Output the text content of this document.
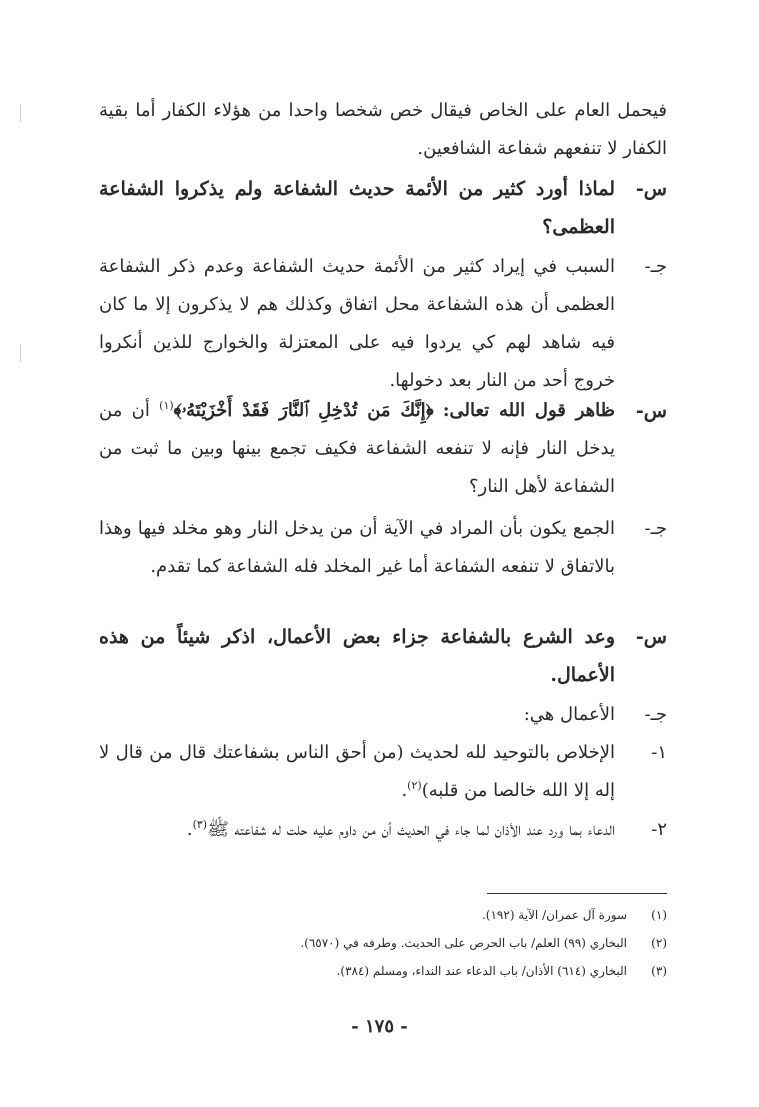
فيحمل العام على الخاص فيقال خص شخصا واحدا من هؤلاء الكفار أما بقية الكفار لا تنفعهم شفاعة الشافعين.

س-
لماذا أورد كثير من الأئمة حديث الشفاعة ولم يذكروا الشفاعة العظمى؟
جـ-
السبب في إيراد كثير من الأئمة حديث الشفاعة وعدم ذكر الشفاعة العظمى أن هذه الشفاعة محل اتفاق وكذلك هم لا يذكرون إلا ما كان فيه شاهد لهم كي يردوا فيه على المعتزلة والخوارج للذين أنكروا خروج أحد من النار بعد دخولها.
س-
ظاهر قول الله تعالى: ﴿إِنَّكَ مَن تُدْخِلِ ٱلنَّارَ فَقَدْ أَخْزَيْتَهُۥ﴾$^{(١)}$ أن من يدخل النار فإنه لا تنفعه الشفاعة فكيف تجمع بينها وبين ما ثبت من الشفاعة لأهل النار؟
جـ-
الجمع يكون بأن المراد في الآية أن من يدخل النار وهو مخلد فيها وهذا بالاتفاق لا تنفعه الشفاعة أما غير المخلد فله الشفاعة كما تقدم.
س-
وعد الشرع بالشفاعة جزاء بعض الأعمال، اذكر شيئاً من هذه الأعمال.
جـ-
الأعمال هي:
١-
الإخلاص بالتوحيد لله لحديث (من أحق الناس بشفاعتك قال من قال لا إله إلا الله خالصا من قلبه)$^{(٢)}$.
٢-
الدعاء بما ورد عند الأذان لما جاء في الحديث أن من داوم عليه حلت له شفاعته ﷺ$^{(٣)}$.
(١)
سورة آل عمران/ الآية (١٩٢).
(٢)
البخاري (٩٩) العلم/ باب الحرص على الحديث. وطرفه في (٦٥٧٠).
(٣)
البخاري (٦١٤) الأذان/ باب الدعاء عند النداء، ومسلم (٣٨٤).
- ١٧٥ -
